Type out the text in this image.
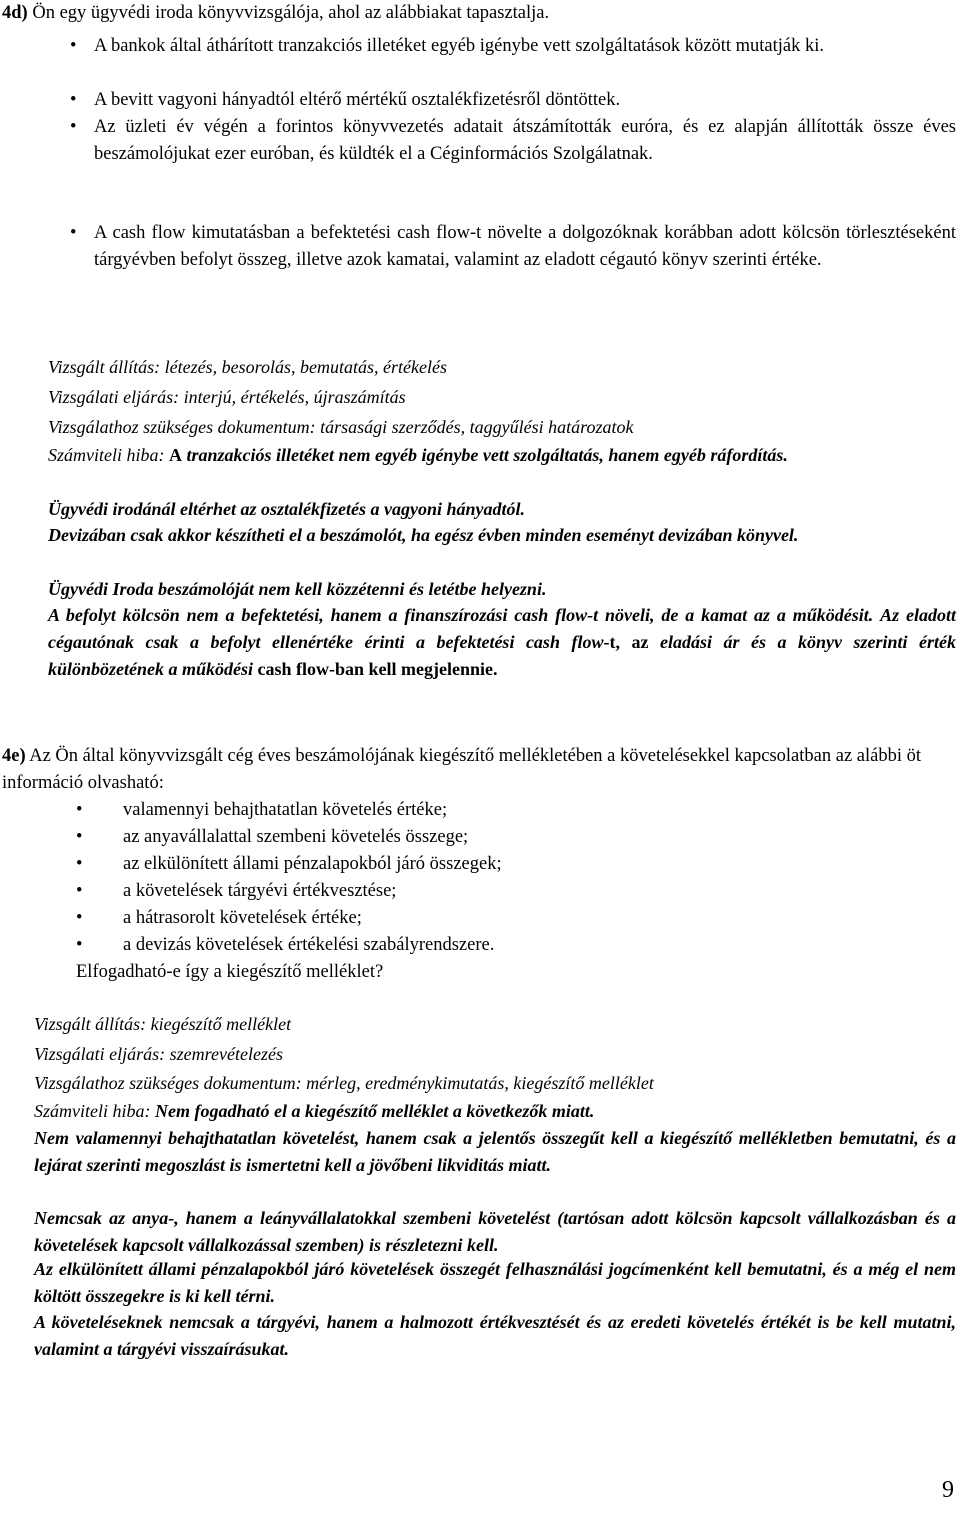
4d) Ön egy ügyvédi iroda könyvvizsgálója, ahol az alábbiakat tapasztalja.

• A bankok által áthárított tranzakciós illetéket egyéb igénybe vett szolgáltatások között mutatják ki.
• A bevitt vagyoni hányadtól eltérő mértékű osztalékfizetésről döntöttek.
• Az üzleti év végén a forintos könyvvezetés adatait átszámították euróra, és ez alapján állították össze éves beszámolójukat ezer euróban, és küldték el a Céginformációs Szolgálatnak.
• A cash flow kimutatásban a befektetési cash flow-t növelte a dolgozóknak korábban adott kölcsön törlesztéseként tárgyévben befolyt összeg, illetve azok kamatai, valamint az eladott cégautó könyv szerinti értéke.

Vizsgált állítás: létezés, besorolás, bemutatás, értékelés

Vizsgálati eljárás: interjú, értékelés, újraszámítás

Vizsgálathoz szükséges dokumentum: társasági szerződés, taggyűlési határozatok

Számviteli hiba: A tranzakciós illetéket nem egyéb igénybe vett szolgáltatás, hanem egyéb ráfordítás.

Ügyvédi irodánál eltérhet az osztalékfizetés a vagyoni hányadtól.

Devizában csak akkor készítheti el a beszámolót, ha egész évben minden eseményt devizában könyvel.

Ügyvédi Iroda beszámolóját nem kell közzétenni és letétbe helyezni.

A befolyt kölcsön nem a befektetési, hanem a finanszírozási cash flow-t növeli, de a kamat az a működésit. Az eladott cégautónak csak a befolyt ellenértéke érinti a befektetési cash flow-t, az eladási ár és a könyv szerinti érték különbözetének a működési cash flow-ban kell megjelennie.

4e) Az Ön által könyvvizsgált cég éves beszámolójának kiegészítő mellékletében a követelésekkel kapcsolatban az alábbi öt információ olvasható:

• valamennyi behajthatatlan követelés értéke;
• az anyavállalattal szembeni követelés összege;
• az elkülönített állami pénzalapokból járó összegek;
• a követelések tárgyévi értékvesztése;
• a hátrasorolt követelések értéke;
• a devizás követelések értékelési szabályrendszere.

Elfogadható-e így a kiegészítő melléklet?

Vizsgált állítás: kiegészítő melléklet

Vizsgálati eljárás: szemrevételezés

Vizsgálathoz szükséges dokumentum: mérleg, eredménykimutatás, kiegészítő melléklet

Számviteli hiba: Nem fogadható el a kiegészítő melléklet a következők miatt.

Nem valamennyi behajthatatlan követelést, hanem csak a jelentős összegűt kell a kiegészítő mellékletben bemutatni, és a lejárat szerinti megoszlást is ismertetni kell a jövőbeni likviditás miatt.

Nemcsak az anya-, hanem a leányvállalatokkal szembeni követelést (tartósan adott kölcsön kapcsolt vállalkozásban és a követelések kapcsolt vállalkozással szemben) is részletezni kell.

Az elkülönített állami pénzalapokból járó követelések összegét felhasználási jogcímenként kell bemutatni, és a még el nem költött összegekre is ki kell térni.

A követeléseknek nemcsak a tárgyévi, hanem a halmozott értékvesztését és az eredeti követelés értékét is be kell mutatni, valamint a tárgyévi visszaírásukat.

9
